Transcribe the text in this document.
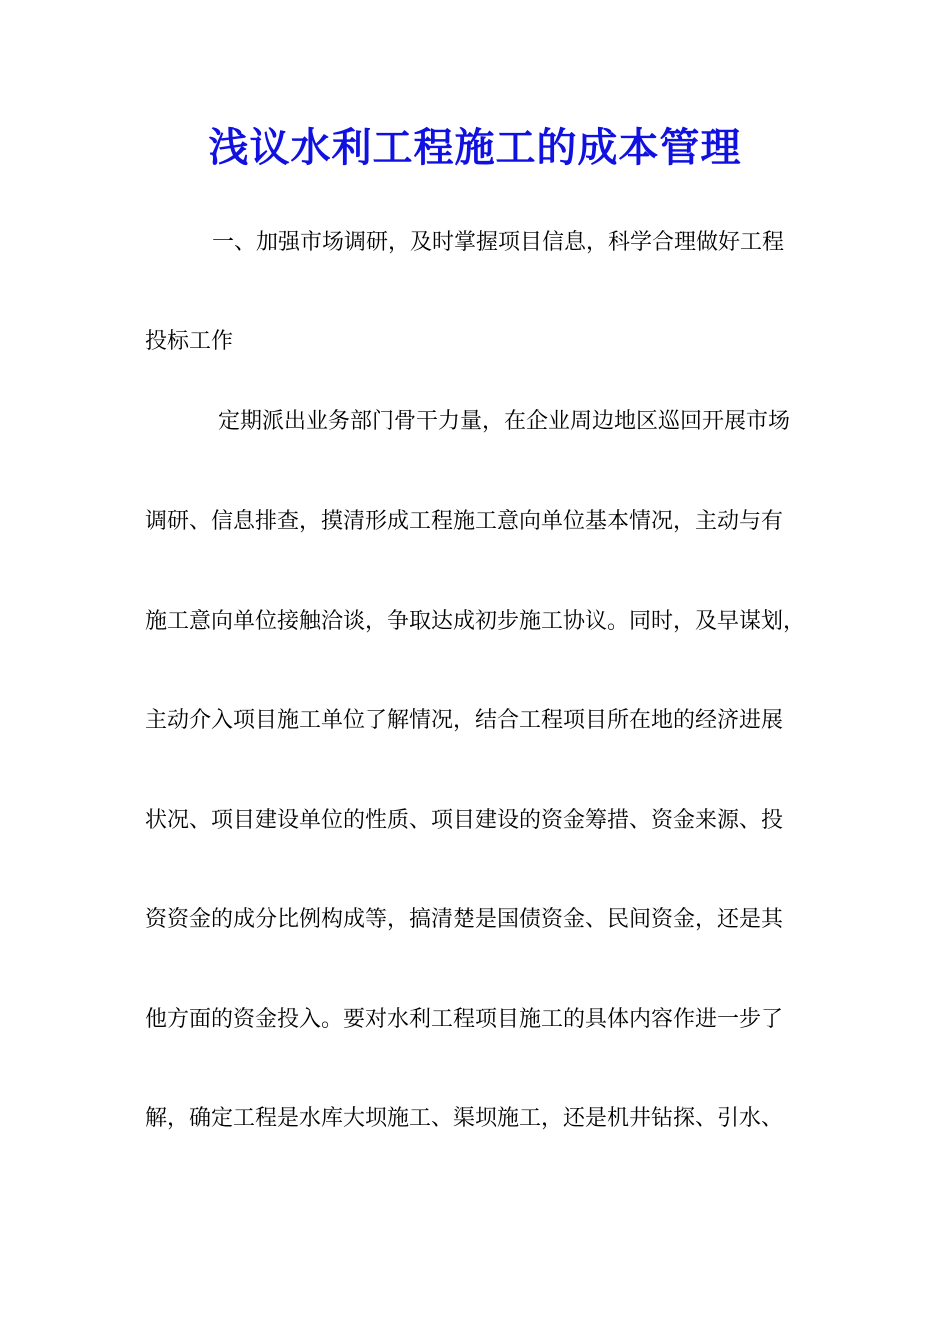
浅议水利工程施工的成本管理
一、加强市场调研，及时掌握项目信息，科学合理做好工程
投标工作
定期派出业务部门骨干力量，在企业周边地区巡回开展市场
调研、信息排查，摸清形成工程施工意向单位基本情况，主动与有
施工意向单位接触洽谈，争取达成初步施工协议。同时，及早谋划，
主动介入项目施工单位了解情况，结合工程项目所在地的经济进展
状况、项目建设单位的性质、项目建设的资金筹措、资金来源、投
资资金的成分比例构成等，搞清楚是国债资金、民间资金，还是其
他方面的资金投入。要对水利工程项目施工的具体内容作进一步了
解，确定工程是水库大坝施工、渠坝施工，还是机井钻探、引水、
